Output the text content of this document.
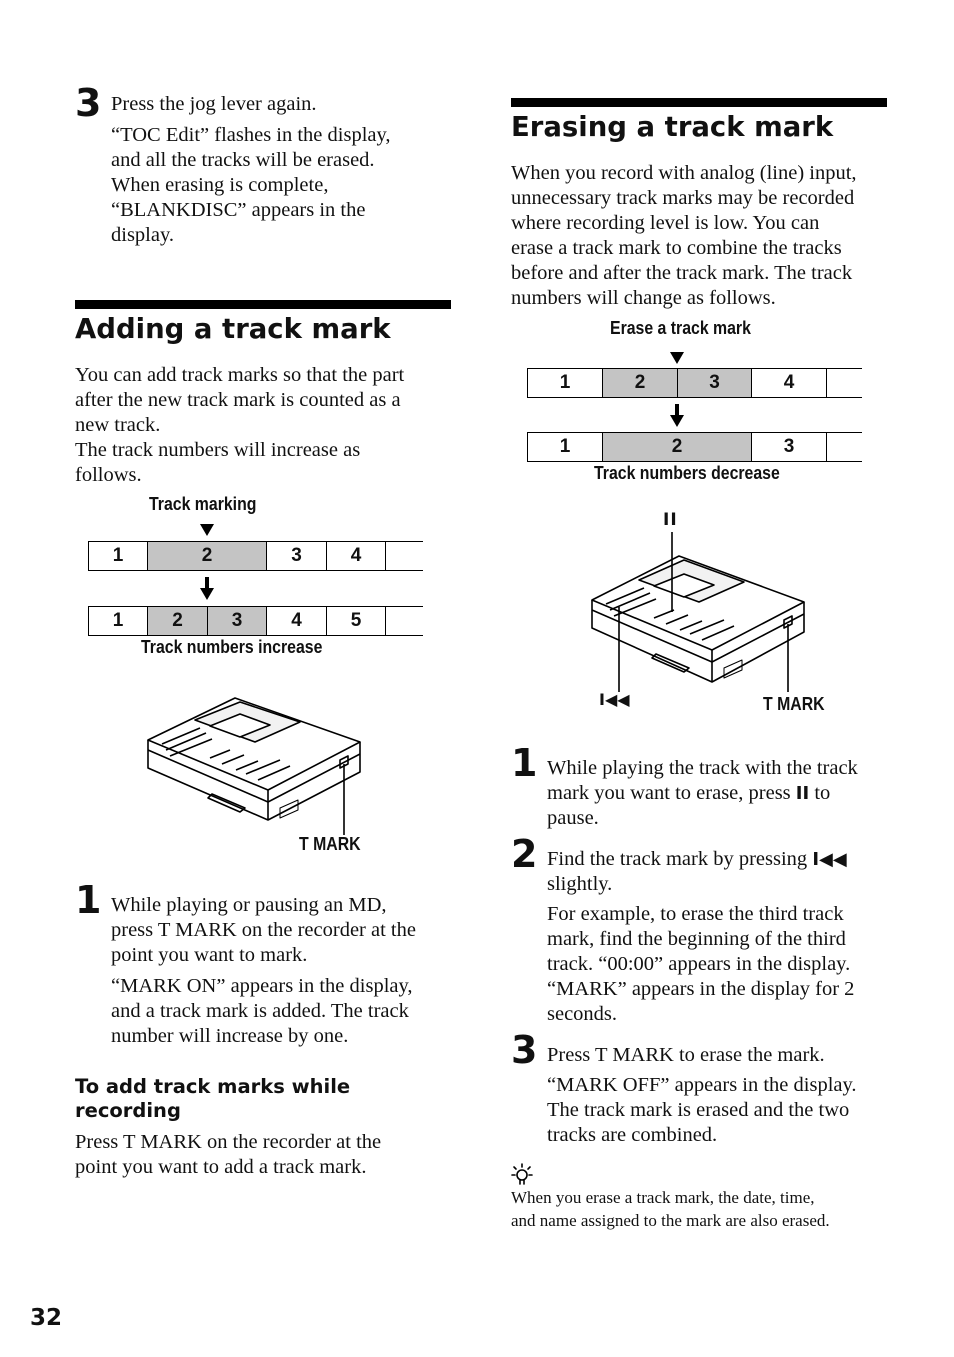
3 Press the jog lever again.
“TOC Edit” flashes in the display,
and all the tracks will be erased.
When erasing is complete,
“BLANKDISC” appears in the
display.
Adding a track mark
You can add track marks so that the part
after the new track mark is counted as a
new track.
The track numbers will increase as
follows.
Track marking
1	2	3	4
1	2	3	4	5
Track numbers increase
T MARK
1 While playing or pausing an MD,
press T MARK on the recorder at the
point you want to mark.
“MARK ON” appears in the display,
and a track mark is added. The track
number will increase by one.
To add track marks while
recording
Press T MARK on the recorder at the
point you want to add a track mark.
Erasing a track mark
When you record with analog (line) input,
unnecessary track marks may be recorded
where recording level is low. You can
erase a track mark to combine the tracks
before and after the track mark. The track
numbers will change as follows.
Erase a track mark
1	2	3	4
1	2	3
Track numbers decrease
II
I◀◀	T MARK
1 While playing the track with the track
mark you want to erase, press II to
pause.
2 Find the track mark by pressing I◀◀
slightly.
For example, to erase the third track
mark, find the beginning of the third
track. “00:00” appears in the display.
“MARK” appears in the display for 2
seconds.
3 Press T MARK to erase the mark.
“MARK OFF” appears in the display.
The track mark is erased and the two
tracks are combined.
When you erase a track mark, the date, time,
and name assigned to the mark are also erased.
32
